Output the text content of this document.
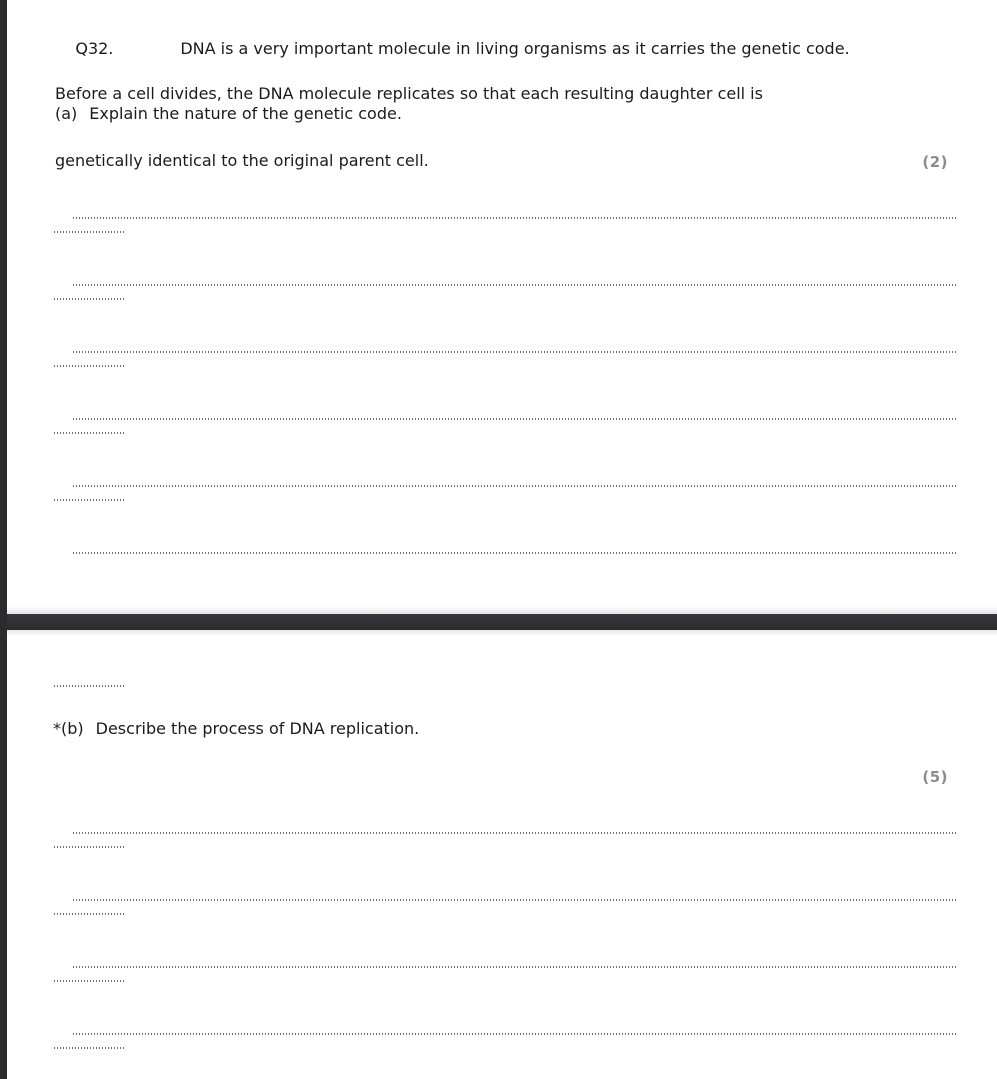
Q32.	DNA is a very important molecule in living organisms as it carries the genetic code.

Before a cell divides, the DNA molecule replicates so that each resulting daughter cell is

genetically identical to the original parent cell.

(a) Explain the nature of the genetic code.
(2)
*(b) Describe the process of DNA replication.
(5)
